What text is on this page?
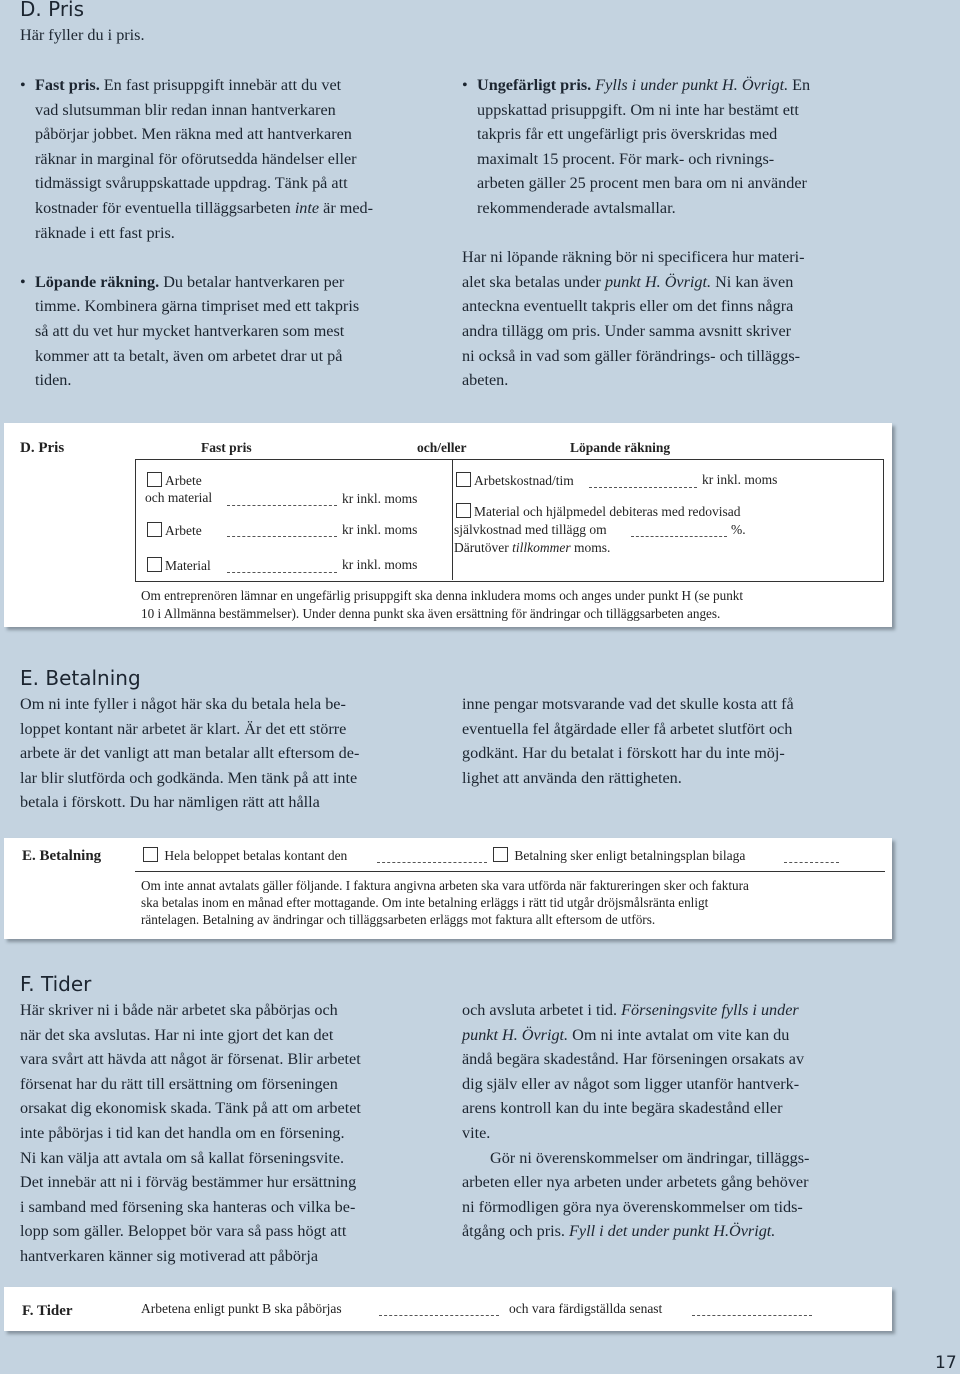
D. Pris

Här fyller du i pris.

• Fast pris. En fast prisuppgift innebär att du vet
vad slutsumman blir redan innan hantverkaren
påbörjar jobbet. Men räkna med att hantverkaren
räknar in marginal för oförutsedda händelser eller
tidmässigt svåruppskattade uppdrag. Tänk på att
kostnader för eventuella tilläggsarbeten inte är med-
räknade i ett fast pris.
• Löpande räkning. Du betalar hantverkaren per
timme. Kombinera gärna timpriset med ett takpris
så att du vet hur mycket hantverkaren som mest
kommer att ta betalt, även om arbetet drar ut på
tiden.
• Ungefärligt pris. Fylls i under punkt H. Övrigt. En
uppskattad prisuppgift. Om ni inte har bestämt ett
takpris får ett ungefärligt pris överskridas med
maximalt 15 procent. För mark- och rivnings-
arbeten gäller 25 procent men bara om ni använder
rekommenderade avtalsmallar.
Har ni löpande räkning bör ni specificera hur materi-
alet ska betalas under punkt H. Övrigt. Ni kan även
anteckna eventuellt takpris eller om det finns några
andra tillägg om pris. Under samma avsnitt skriver
ni också in vad som gäller förändrings- och tilläggs-
abeten.
D. Pris	Fast pris	och/eller	Löpande räkning
Arbete
och material	kr inkl. moms
Arbete	kr inkl. moms
Material	kr inkl. moms
Arbetskostnad/tim	kr inkl. moms
Material och hjälpmedel debiteras med redovisad
självkostnad med tillägg om	%.
Därutöver tillkommer moms.
Om entreprenören lämnar en ungefärlig prisuppgift ska denna inkludera moms och anges under punkt H (se punkt
10 i Allmänna bestämmelser). Under denna punkt ska även ersättning för ändringar och tilläggsarbeten anges.
E. Betalning
Om ni inte fyller i något här ska du betala hela be-
loppet kontant när arbetet är klart. Är det ett större
arbete är det vanligt att man betalar allt eftersom de-
lar blir slutförda och godkända. Men tänk på att inte
betala i förskott. Du har nämligen rätt att hålla
inne pengar motsvarande vad det skulle kosta att få
eventuella fel åtgärdade eller få arbetet slutfört och
godkänt. Har du betalat i förskott har du inte möj-
lighet att använda den rättigheten.
E. Betalning	Hela beloppet betalas kontant den	Betalning sker enligt betalningsplan bilaga
Om inte annat avtalats gäller följande. I faktura angivna arbeten ska vara utförda när faktureringen sker och faktura
ska betalas inom en månad efter mottagande. Om inte betalning erläggs i rätt tid utgår dröjsmålsränta enligt
räntelagen. Betalning av ändringar och tilläggsarbeten erläggs mot faktura allt eftersom de utförs.
F. Tider
Här skriver ni i både när arbetet ska påbörjas och
när det ska avslutas. Har ni inte gjort det kan det
vara svårt att hävda att något är försenat. Blir arbetet
försenat har du rätt till ersättning om förseningen
orsakat dig ekonomisk skada. Tänk på att om arbetet
inte påbörjas i tid kan det handla om en försening.
Ni kan välja att avtala om så kallat förseningsvite.
Det innebär att ni i förväg bestämmer hur ersättning
i samband med försening ska hanteras och vilka be-
lopp som gäller. Beloppet bör vara så pass högt att
hantverkaren känner sig motiverad att påbörja
och avsluta arbetet i tid. Förseningsvite fylls i under
punkt H. Övrigt. Om ni inte avtalat om vite kan du
ändå begära skadestånd. Har förseningen orsakats av
dig själv eller av något som ligger utanför hantverk-
arens kontroll kan du inte begära skadestånd eller
vite.
Gör ni överenskommelser om ändringar, tilläggs-
arbeten eller nya arbeten under arbetets gång behöver
ni förmodligen göra nya överenskommelser om tids-
åtgång och pris. Fyll i det under punkt H.Övrigt.
F. Tider	Arbetena enligt punkt B ska påbörjas	och vara färdigställda senast
17
